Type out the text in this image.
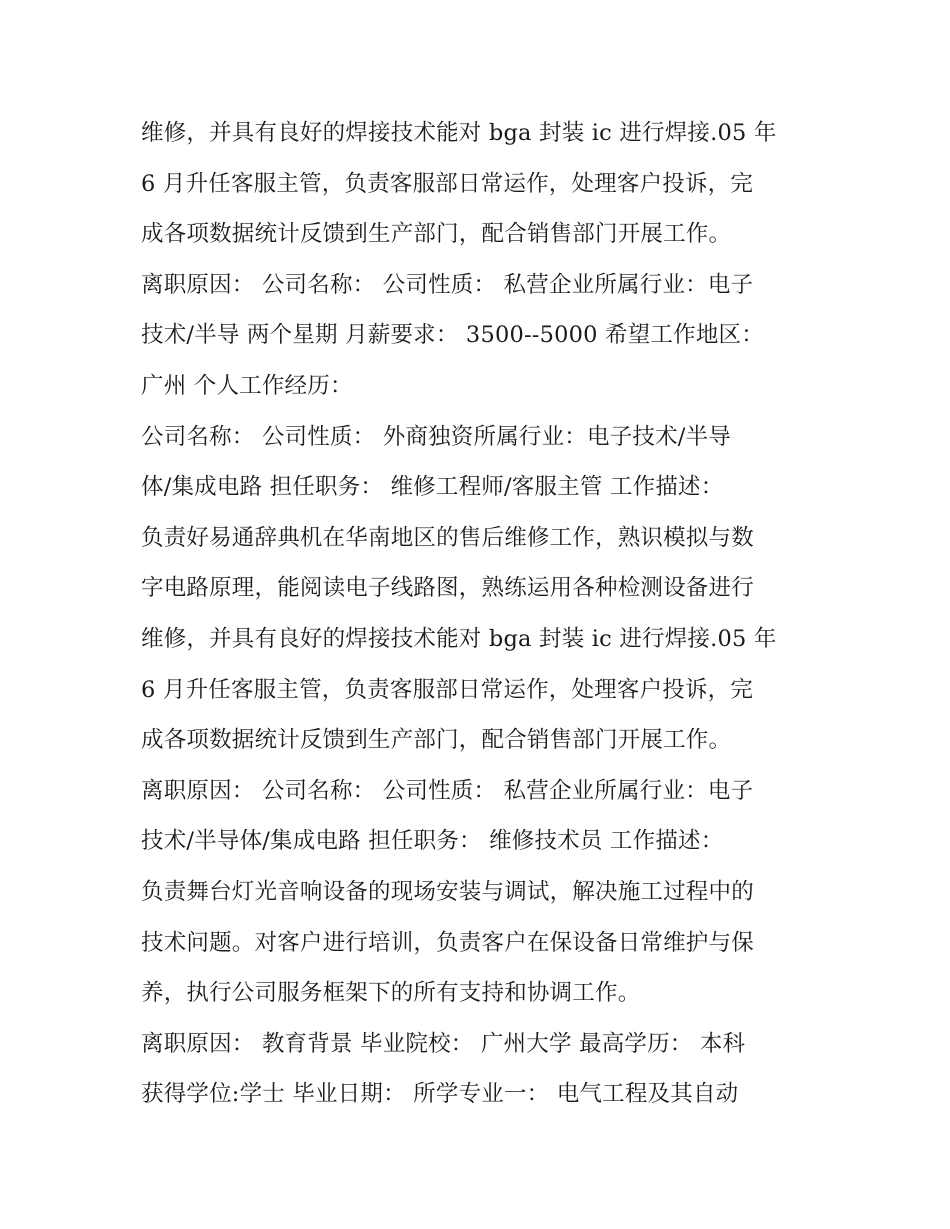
维修，并具有良好的焊接技术能对 bga 封装 ic 进行焊接.05 年
6 月升任客服主管，负责客服部日常运作，处理客户投诉，完
成各项数据统计反馈到生产部门，配合销售部门开展工作。
离职原因： 公司名称： 公司性质： 私营企业所属行业：电子
技术/半导 两个星期 月薪要求： 3500--5000 希望工作地区：
广州 个人工作经历：
公司名称： 公司性质： 外商独资所属行业：电子技术/半导
体/集成电路 担任职务： 维修工程师/客服主管 工作描述：
负责好易通辞典机在华南地区的售后维修工作，熟识模拟与数
字电路原理，能阅读电子线路图，熟练运用各种检测设备进行
维修，并具有良好的焊接技术能对 bga 封装 ic 进行焊接.05 年
6 月升任客服主管，负责客服部日常运作，处理客户投诉，完
成各项数据统计反馈到生产部门，配合销售部门开展工作。
离职原因： 公司名称： 公司性质： 私营企业所属行业：电子
技术/半导体/集成电路 担任职务： 维修技术员 工作描述：
负责舞台灯光音响设备的现场安装与调试，解决施工过程中的
技术问题。对客户进行培训，负责客户在保设备日常维护与保
养，执行公司服务框架下的所有支持和协调工作。
离职原因： 教育背景 毕业院校： 广州大学 最高学历： 本科
获得学位:学士 毕业日期： 所学专业一： 电气工程及其自动
